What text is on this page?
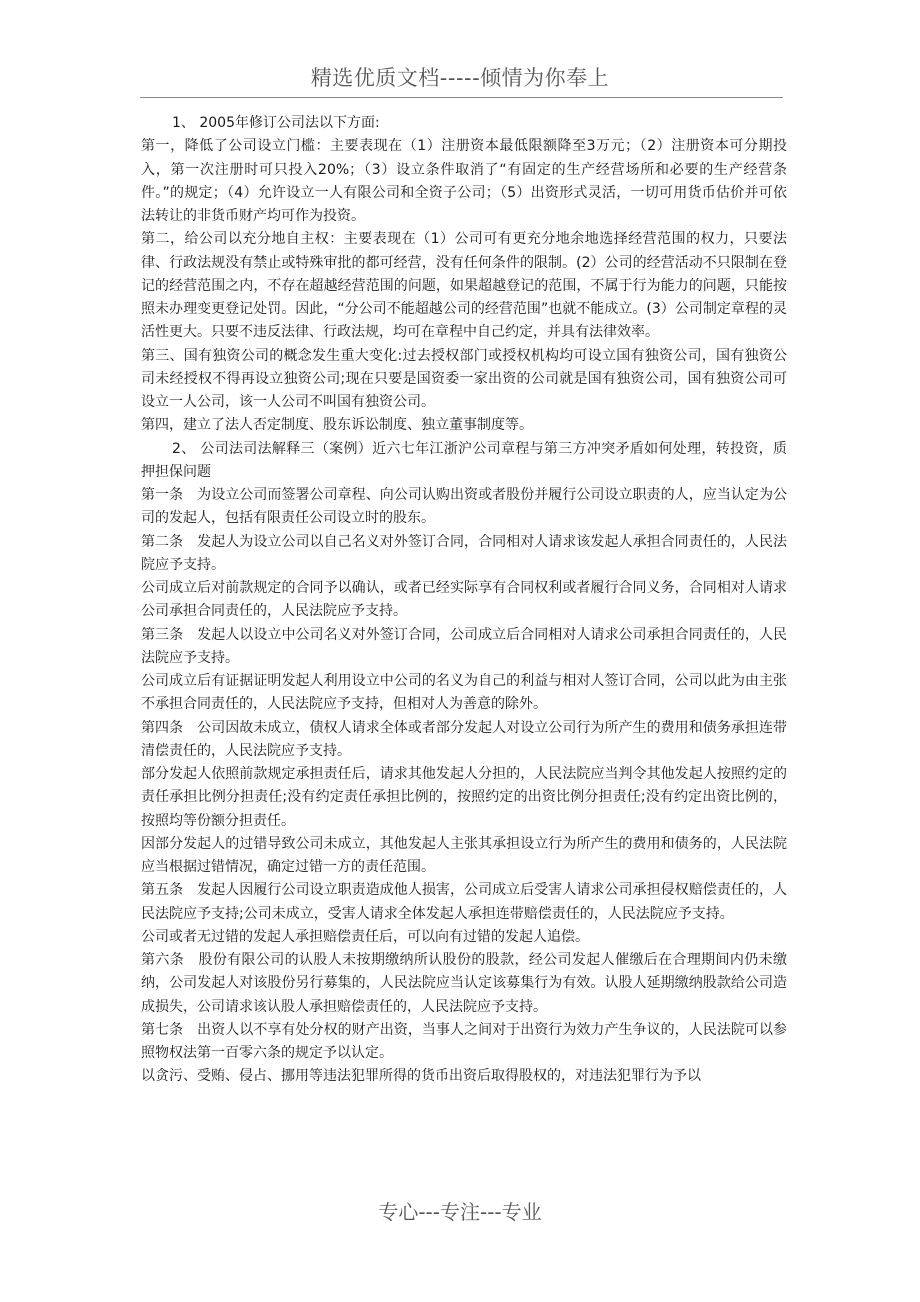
精选优质文档-----倾情为你奉上

1、 2005年修订公司法以下方面:

第一，降低了公司设立门槛：主要表现在（1）注册资本最低限额降至3万元；（2）注册资本可分期投入，第一次注册时可只投入20%；（3）设立条件取消了“有固定的生产经营场所和必要的生产经营条件。”的规定；（4）允许设立一人有限公司和全资子公司；（5）出资形式灵活，一切可用货币估价并可依法转让的非货币财产均可作为投资。

第二，给公司以充分地自主权：主要表现在（1）公司可有更充分地余地选择经营范围的权力，只要法律、行政法规没有禁止或特殊审批的都可经营，没有任何条件的限制。(2）公司的经营活动不只限制在登记的经营范围之内，不存在超越经营范围的问题，如果超越登记的范围，不属于行为能力的问题，只能按照未办理变更登记处罚。因此，“分公司不能超越公司的经营范围”也就不能成立。(3）公司制定章程的灵活性更大。只要不违反法律、行政法规，均可在章程中自己约定，并具有法律效率。

第三、国有独资公司的概念发生重大变化:过去授权部门或授权机构均可设立国有独资公司，国有独资公司未经授权不得再设立独资公司;现在只要是国资委一家出资的公司就是国有独资公司，国有独资公司可设立一人公司，该一人公司不叫国有独资公司。

第四，建立了法人否定制度、股东诉讼制度、独立董事制度等。

2、 公司法司法解释三（案例）近六七年江浙沪公司章程与第三方冲突矛盾如何处理，转投资，质押担保问题

第一条　为设立公司而签署公司章程、向公司认购出资或者股份并履行公司设立职责的人，应当认定为公司的发起人，包括有限责任公司设立时的股东。

第二条　发起人为设立公司以自己名义对外签订合同，合同相对人请求该发起人承担合同责任的，人民法院应予支持。

公司成立后对前款规定的合同予以确认，或者已经实际享有合同权利或者履行合同义务，合同相对人请求公司承担合同责任的，人民法院应予支持。

第三条　发起人以设立中公司名义对外签订合同，公司成立后合同相对人请求公司承担合同责任的，人民法院应予支持。

公司成立后有证据证明发起人利用设立中公司的名义为自己的利益与相对人签订合同，公司以此为由主张不承担合同责任的，人民法院应予支持，但相对人为善意的除外。

第四条　公司因故未成立，债权人请求全体或者部分发起人对设立公司行为所产生的费用和债务承担连带清偿责任的，人民法院应予支持。

部分发起人依照前款规定承担责任后，请求其他发起人分担的，人民法院应当判令其他发起人按照约定的责任承担比例分担责任;没有约定责任承担比例的，按照约定的出资比例分担责任;没有约定出资比例的，按照均等份额分担责任。

因部分发起人的过错导致公司未成立，其他发起人主张其承担设立行为所产生的费用和债务的，人民法院应当根据过错情况，确定过错一方的责任范围。

第五条　发起人因履行公司设立职责造成他人损害，公司成立后受害人请求公司承担侵权赔偿责任的，人民法院应予支持;公司未成立，受害人请求全体发起人承担连带赔偿责任的，人民法院应予支持。

公司或者无过错的发起人承担赔偿责任后，可以向有过错的发起人追偿。

第六条　股份有限公司的认股人未按期缴纳所认股份的股款，经公司发起人催缴后在合理期间内仍未缴纳，公司发起人对该股份另行募集的，人民法院应当认定该募集行为有效。认股人延期缴纳股款给公司造成损失，公司请求该认股人承担赔偿责任的，人民法院应予支持。

第七条　出资人以不享有处分权的财产出资，当事人之间对于出资行为效力产生争议的，人民法院可以参照物权法第一百零六条的规定予以认定。

以贪污、受贿、侵占、挪用等违法犯罪所得的货币出资后取得股权的，对违法犯罪行为予以

专心---专注---专业
